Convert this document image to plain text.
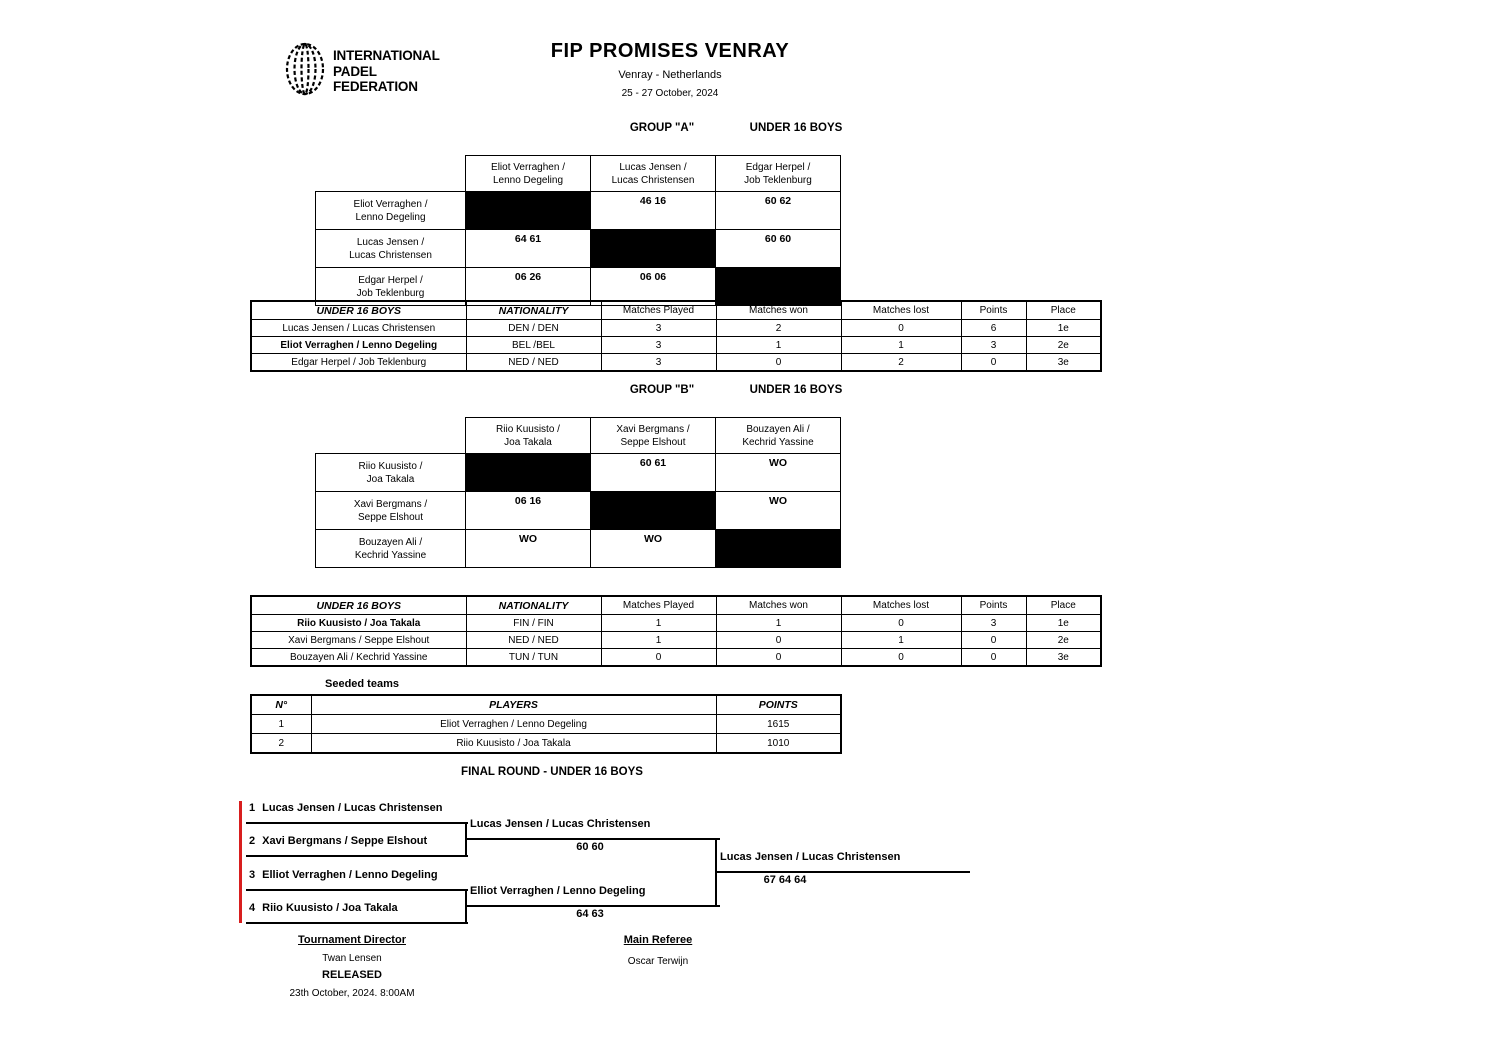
INTERNATIONAL
PADEL
FEDERATION
FIP PROMISES VENRAY
Venray - Netherlands
25 - 27 October, 2024
GROUP "A"	UNDER 16 BOYS

Eliot Verraghen /
Lenno Degeling

Lucas Jensen /
Lucas Christensen

Edgar Herpel /
Job Teklenburg

Eliot Verraghen /
Lenno Degeling		46 16	60 62

Lucas Jensen /
Lucas Christensen	64 61		60 60

Edgar Herpel /
Job Teklenburg	06 26	06 06	
UNDER 16 BOYS	NATIONALITY	Matches Played	Matches won	Matches lost	Points	Place
Lucas Jensen / Lucas Christensen	DEN / DEN	3	2	0	6	1e
Eliot Verraghen / Lenno Degeling	BEL /BEL	3	1	1	3	2e
Edgar Herpel / Job Teklenburg	NED / NED	3	0	2	0	3e
GROUP "B"	UNDER 16 BOYS

Riio Kuusisto /
Joa Takala

Xavi Bergmans /
Seppe Elshout

Bouzayen Ali /
Kechrid Yassine

Riio Kuusisto /
Joa Takala		60 61	WO

Xavi Bergmans /
Seppe Elshout	06 16		WO

Bouzayen Ali /
Kechrid Yassine	WO	WO	
UNDER 16 BOYS	NATIONALITY	Matches Played	Matches won	Matches lost	Points	Place
Riio Kuusisto / Joa Takala	FIN / FIN	1	1	0	3	1e
Xavi Bergmans / Seppe Elshout	NED / NED	1	0	1	0	2e
Bouzayen Ali / Kechrid Yassine	TUN / TUN	0	0	0	0	3e
Seeded teams
N°	PLAYERS	POINTS
1	Eliot Verraghen / Lenno Degeling	1615
2	Riio Kuusisto / Joa Takala	1010
FINAL ROUND - UNDER 16 BOYS
1 Lucas Jensen / Lucas Christensen
2 Xavi Bergmans / Seppe Elshout
Lucas Jensen / Lucas Christensen
60 60
Lucas Jensen / Lucas Christensen
67 64 64
3 Elliot Verraghen / Lenno Degeling
4 Riio Kuusisto / Joa Takala
Elliot Verraghen / Lenno Degeling
64 63
Tournament Director
Twan Lensen
RELEASED
23th October, 2024. 8:00AM
Main Referee
Oscar Terwijn
